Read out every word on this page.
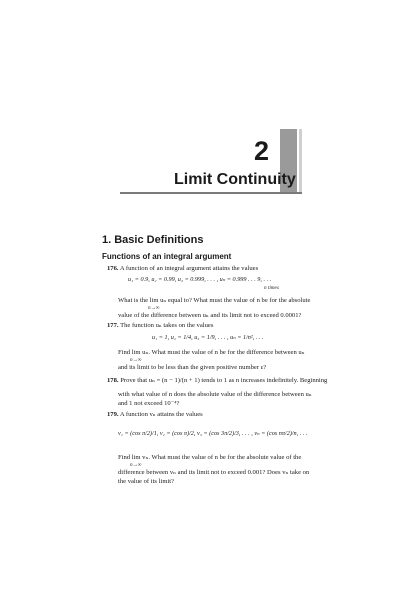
2
Limit Continuity
1. Basic Definitions
Functions of an integral argument
176. A function of an integral argument attains the values
u₁ = 0.9, u₂ = 0.99, u₃ = 0.999, . . . , uₙ = 0.999 . . . 9, . . .
n times
What is the lim uₙ equal to? What must the value of n be for the absolute
n→∞
value of the difference between uₙ and its limit not to exceed 0.0001?
177. The function uₙ takes on the values
u₁ = 1, u₂ = 1/4, u₃ = 1/9, . . . , uₙ = 1/n², . . .
Find lim uₙ. What must the value of n be for the difference between uₙ
n→∞
and its limit to be less than the given positive number ε?
178. Prove that uₙ = (n − 1)/(n + 1) tends to 1 as n increases indefinitely. Beginning
with what value of n does the absolute value of the difference between uₙ
and 1 not exceed 10⁻⁴?
179. A function vₙ attains the values
v₁ = (cos π/2)/1, v₂ = (cos π)/2, v₃ = (cos 3π/2)/3, . . . , vₙ = (cos nπ/2)/n, . . .
Find lim vₙ. What must the value of n be for the absolute value of the
n→∞
difference between vₙ and its limit not to exceed 0.001? Does vₙ take on
the value of its limit?
